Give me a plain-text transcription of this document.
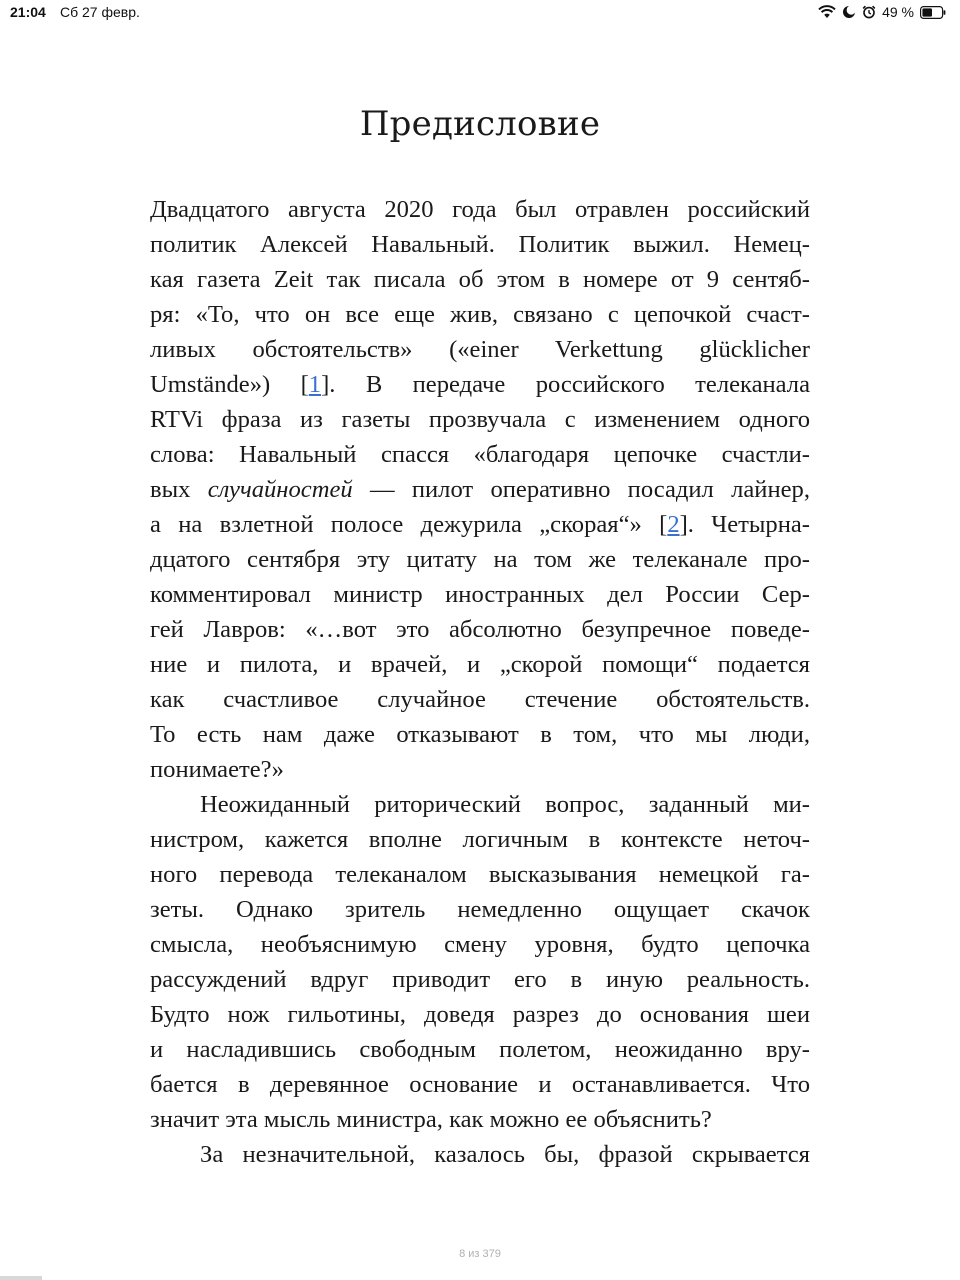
21:04 Сб 27 февр.	49 %
Предисловие
Двадцатого августа 2020 года был отравлен российский
политик Алексей Навальный. Политик выжил. Немец-
кая газета Zeit так писала об этом в номере от 9 сентяб-
ря: «То, что он все еще жив, связано с цепочкой счаст-
ливых обстоятельств» («einer Verkettung glücklicher
Umstände») [1]. В передаче российского телеканала
RTVi фраза из газеты прозвучала с изменением одного
слова: Навальный спасся «благодаря цепочке счастли-
вых случайностей — пилот оперативно посадил лайнер,
а на взлетной полосе дежурила „скорая“» [2]. Четырна-
дцатого сентября эту цитату на том же телеканале про-
комментировал министр иностранных дел России Сер-
гей Лавров: «…вот это абсолютно безупречное поведе-
ние и пилота, и врачей, и „скорой помощи“ подается
как счастливое случайное стечение обстоятельств.
То есть нам даже отказывают в том, что мы люди,
понимаете?»
Неожиданный риторический вопрос, заданный ми-
нистром, кажется вполне логичным в контексте неточ-
ного перевода телеканалом высказывания немецкой га-
зеты. Однако зритель немедленно ощущает скачок
смысла, необъяснимую смену уровня, будто цепочка
рассуждений вдруг приводит его в иную реальность.
Будто нож гильотины, доведя разрез до основания шеи
и насладившись свободным полетом, неожиданно вру-
бается в деревянное основание и останавливается. Что
значит эта мысль министра, как можно ее объяснить?
За незначительной, казалось бы, фразой скрывается
8 из 379
